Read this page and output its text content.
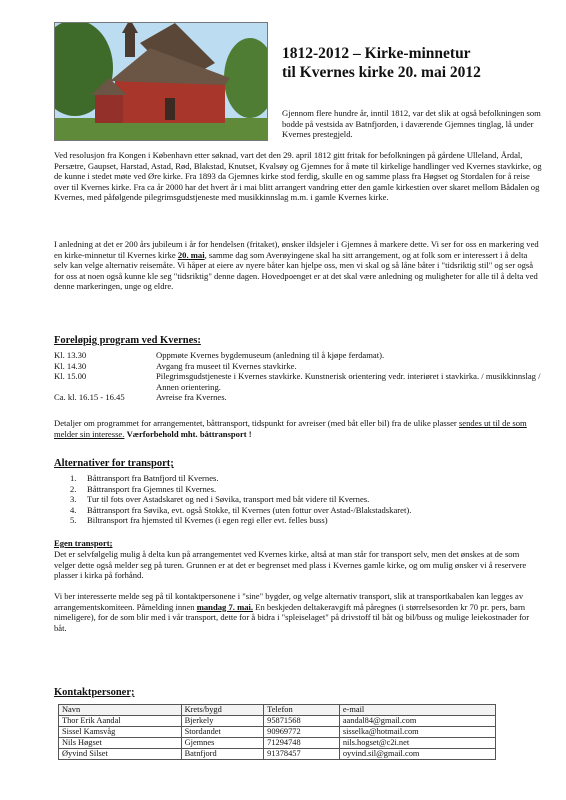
1812-2012 – Kirke-minnetur
til Kvernes kirke 20. mai 2012
Gjennom flere hundre år, inntil 1812, var det slik at også befolkningen som bodde på vestsida av Batnfjorden, i daværende Gjemnes tinglag, lå under Kvernes prestegjeld.
Ved resolusjon fra Kongen i København etter søknad, vart det den 29. april 1812 gitt fritak for befolkningen på gårdene Ulleland, Årdal, Persætre, Gaupset, Harstad, Astad, Rød, Blakstad, Knutset, Kvalsøy og Gjemnes for å møte til kirkelige handlinger ved Kvernes stavkirke, og de kunne i stedet møte ved Øre kirke. Fra 1893 da Gjemnes kirke stod ferdig, skulle en og samme plass fra Høgset og Stordalen for å reise over til Kvernes kirke. Fra ca år 2000 har det hvert år i mai blitt arrangert vandring etter den gamle kirkestien over skaret mellom Bådalen og Kvernes, med påfølgende pilegrimsgudstjeneste med musikkinnslag m.m. i gamle Kvernes kirke.
I anledning at det er 200 års jubileum i år for hendelsen (fritaket), ønsker ildsjeler i Gjemnes å markere dette. Vi ser for oss en markering ved en kirke-minnetur til Kvernes kirke 20. mai, samme dag som Averøyingene skal ha sitt arrangement, og at folk som er interessert i å delta selv kan velge alternativ reisemåte. Vi håper at eiere av nyere båter kan hjelpe oss, men vi skal og så låne båter i "tidsriktig stil" og ser også for oss at noen også kunne kle seg "tidsriktig" denne dagen. Hovedpoenget er at det skal være anledning og muligheter for alle til å delta ved denne markeringen, unge og eldre.
Foreløpig program ved Kvernes:
Kl. 13.30	Oppmøte Kvernes bygdemuseum (anledning til å kjøpe ferdamat).
Kl. 14.30	Avgang fra museet til Kvernes stavkirke.
Kl. 15.00	Pilegrimsgudstjeneste i Kvernes stavkirke. Kunstnerisk orientering vedr. interiøret i stavkirka. / musikkinnslag / Annen orientering.
Ca. kl. 16.15 - 16.45	Avreise fra Kvernes.
Detaljer om programmet for arrangementet, båttransport, tidspunkt for avreiser (med båt eller bil) fra de ulike plasser sendes ut til de som melder sin interesse. Værforbehold mht. båttransport !
Alternativer for transport;
1.	Båttransport fra Batnfjord til Kvernes.
2.	Båttransport fra Gjemnes til Kvernes.
3.	Tur til fots over Astadskaret og ned i Søvika, transport med båt videre til Kvernes.
4.	Båttransport fra Søvika, evt. også Stokke, til Kvernes (uten fottur over Astad-/Blakstadskaret).
5.	Biltransport fra hjemsted til Kvernes (i egen regi eller evt. felles buss)
Egen transport;
Det er selvfølgelig mulig å delta kun på arrangementet ved Kvernes kirke, altså at man står for transport selv, men det ønskes at de som velger dette også melder seg på turen. Grunnen er at det er begrenset med plass i Kvernes gamle kirke, og om mulig ønsker vi å reservere plasser i kirka på forhånd.
Vi ber interesserte melde seg på til kontaktpersonene i "sine" bygder, og velge alternativ transport, slik at transportkabalen kan legges av arrangementskomiteen. Påmelding innen mandag 7. mai. En beskjeden deltakeravgift må påregnes (i størrelsesorden kr 70 pr. pers, barn nimeligere), for de som blir med i vår transport, dette for å bidra i "spleiselaget" på drivstoff til båt og bil/buss og mulige leiekostnader for båt.
Kontaktpersoner;
Navn	Krets/bygd	Telefon	e-mail
Thor Erik Aandal	Bjerkely	95871568	aandal84@gmail.com
Sissel Kamsvåg	Stordandet	90969772	sisselka@hotmail.com
Nils Høgset	Gjemnes	71294748	nils.hogset@c2i.net
Øyvind Silset	Batnfjord	91378457	oyvind.sil@gmail.com
